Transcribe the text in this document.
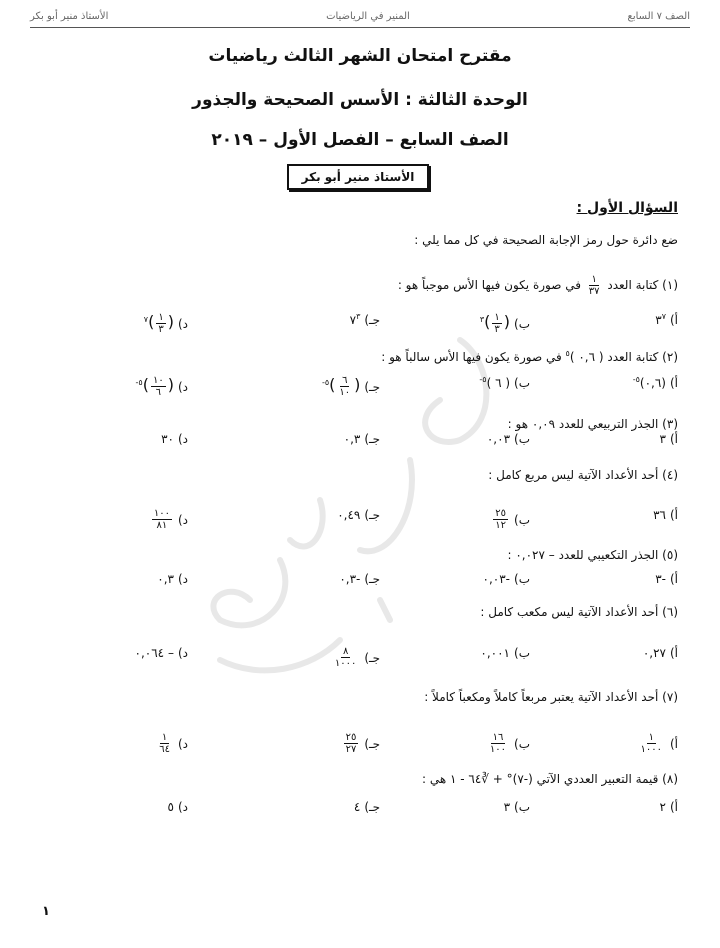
الصف ٧ السابع
المنير في الرياضيات
الأستاذ منير أبو بكر
مقترح امتحان الشهر الثالث رياضيات
الوحدة الثالثة : الأسس الصحيحة والجذور
الصف السابع – الفصل الأول – ٢٠١٩
الأستاذ منير أبو بكر
السؤال الأول :
ضع دائرة حول رمز الإجابة الصحيحة في كل مما يلي :
(١) كتابة العدد
$\frac{١}{٣٧}$
في صورة يكون فيها الأس موجباً هو :
أ)
$٣^٧$
ب)
(
$\frac{١}{٣}$
)$^٣$
جـ)
$٧^٣$
د)
(
$\frac{١}{٣}$
)$^٧$
(٢) كتابة العدد ( ٠,٦ )$^٥$ في صورة يكون فيها الأس سالباً هو :
أ)
(٠,٦)$^{٥-}$
ب)
( ٦ )$^{٥-}$
جـ)
(
$\frac{٦}{١٠}$
)$^{٥-}$
د)
(
$\frac{١٠}{٦}$
)$^{٥-}$
(٣) الجذر التربيعي للعدد ٠,٠٩ هو :
أ)
٣
ب)
٠,٠٣
جـ)
٠,٣
د)
٣٠
(٤) أحد الأعداد الآتية ليس مربع كامل :
أ)
٣٦
ب)
$\frac{٢٥}{١٢}$
جـ)
٠,٤٩
د)
$\frac{١٠٠}{٨١}$
(٥) الجذر التكعيبي للعدد – ٠,٠٢٧ :
أ)
-٣
ب)
-٠,٠٣
جـ)
-٠,٣
د)
٠,٣
(٦) أحد الأعداد الآتية ليس مكعب كامل :
أ)
٠,٢٧
ب)
٠,٠٠١
جـ)
$\frac{٨}{١٠٠٠}$
د)
– ٠,٠٦٤
(٧) أحد الأعداد الآتية يعتبر مربعاً كاملاً ومكعباً كاملاً :
أ)
$\frac{١}{١٠٠٠}$
ب)
$\frac{١٦}{١٠٠}$
جـ)
$\frac{٢٥}{٢٧}$
د)
$\frac{١}{٦٤}$
(٨) قيمة التعبير العددي الآتي (-٧)° + ∛٦٤ - ١ هي :
أ)
٢
ب)
٣
جـ)
٤
د)
٥
١
